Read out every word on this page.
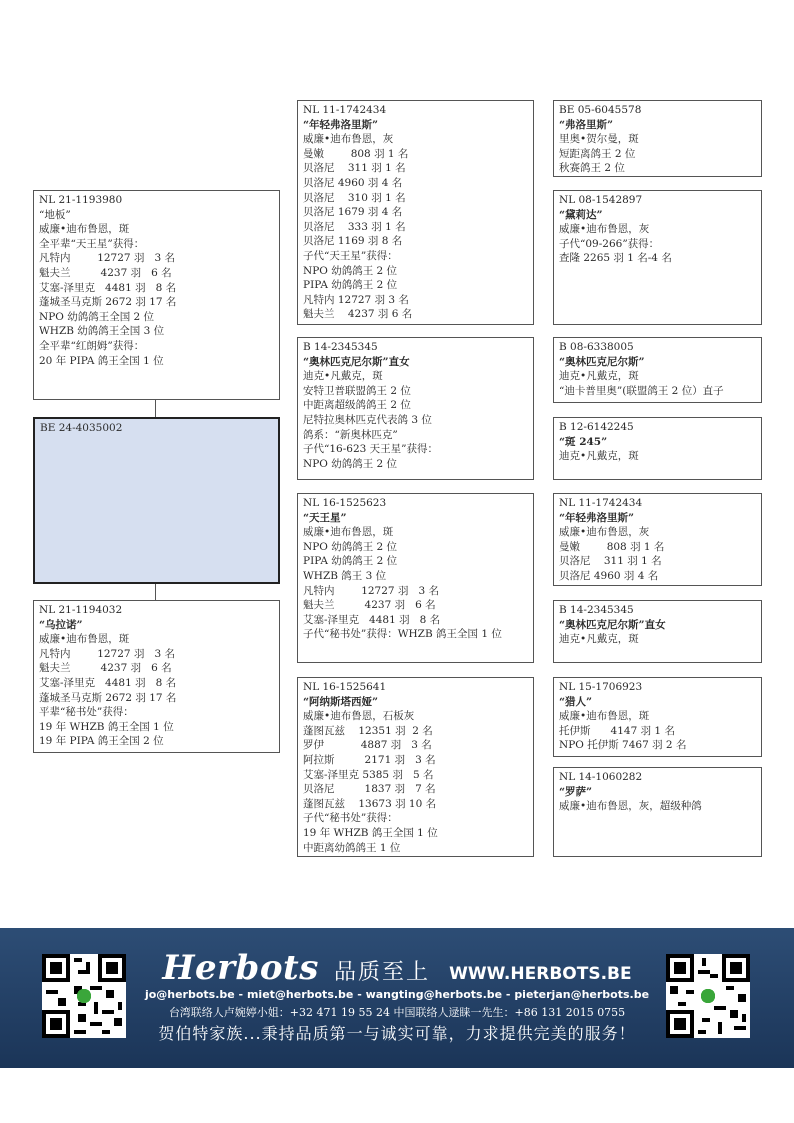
NL 21-1193980
“地板”
威廉•迪布鲁恩，斑
全平辈“天王星”获得：
凡特内        12727 羽   3 名
魁夫兰         4237 羽   6 名
艾塞-泽里克   4481 羽   8 名
蓬城圣马克斯 2672 羽 17 名
NPO 幼鸽鸽王全国 2 位
WHZB 幼鸽鸽王全国 3 位
全平辈“红朗姆”获得：
20 年 PIPA 鸽王全国 1 位
BE 24-4035002
NL 21-1194032
“乌拉诺”
威廉•迪布鲁恩，斑
凡特内        12727 羽   3 名
魁夫兰         4237 羽   6 名
艾塞-泽里克   4481 羽   8 名
蓬城圣马克斯 2672 羽 17 名
平辈“秘书处”获得：
19 年 WHZB 鸽王全国 1 位
19 年 PIPA 鸽王全国 2 位
NL 11-1742434
“年轻弗洛里斯”
威廉•迪布鲁恩，灰
曼嫩        808 羽 1 名
贝洛尼    311 羽 1 名
贝洛尼 4960 羽 4 名
贝洛尼    310 羽 1 名
贝洛尼 1679 羽 4 名
贝洛尼    333 羽 1 名
贝洛尼 1169 羽 8 名
子代“天王星”获得：
NPO 幼鸽鸽王 2 位
PIPA 幼鸽鸽王 2 位
凡特内 12727 羽 3 名
魁夫兰    4237 羽 6 名
B 14-2345345
“奥林匹克尼尔斯”直女
迪克•凡戴克，斑
安特卫普联盟鸽王 2 位
中距离超级鸽鸽王 2 位
尼特拉奥林匹克代表鸽 3 位
鸽系：“新奥林匹克”
子代“16-623 天王星”获得：
NPO 幼鸽鸽王 2 位
NL 16-1525623
“天王星”
威廉•迪布鲁恩，斑
NPO 幼鸽鸽王 2 位
PIPA 幼鸽鸽王 2 位
WHZB 鸽王 3 位
凡特内        12727 羽   3 名
魁夫兰         4237 羽   6 名
艾塞-泽里克   4481 羽   8 名
子代“秘书处”获得：WHZB 鸽王全国 1 位
NL 16-1525641
“阿纳斯塔西娅”
威廉•迪布鲁恩，石板灰
蓬图瓦兹    12351 羽  2 名
罗伊           4887 羽   3 名
阿拉斯         2171 羽   3 名
艾塞-泽里克 5385 羽   5 名
贝洛尼         1837 羽   7 名
蓬图瓦兹    13673 羽 10 名
子代“秘书处”获得：
19 年 WHZB 鸽王全国 1 位
中距离幼鸽鸽王 1 位
BE 05-6045578
“弗洛里斯”
里奥•贺尔曼，斑
短距离鸽王 2 位
秋赛鸽王 2 位
NL 08-1542897
“黛莉达”
威廉•迪布鲁恩，灰
子代“09-266”获得：
查隆 2265 羽 1 名-4 名
B 08-6338005
“奥林匹克尼尔斯”
迪克•凡戴克，斑
“迪卡普里奥”(联盟鸽王 2 位）直子
B 12-6142245
“斑 245”
迪克•凡戴克，斑
NL 11-1742434
“年轻弗洛里斯”
威廉•迪布鲁恩，灰
曼嫩        808 羽 1 名
贝洛尼    311 羽 1 名
贝洛尼 4960 羽 4 名
B 14-2345345
“奥林匹克尼尔斯”直女
迪克•凡戴克，斑
NL 15-1706923
“猎人”
威廉•迪布鲁恩，斑
托伊斯      4147 羽 1 名
NPO 托伊斯 7467 羽 2 名
NL 14-1060282
“罗萨”
威廉•迪布鲁恩，灰，超级种鸽
Herbots 品质至上 WWW.HERBOTS.BE
jo@herbots.be - miet@herbots.be - wangting@herbots.be - pieterjan@herbots.be
台湾联络人卢婉婷小姐：+32 471 19 55 24 中国联络人逯睐一先生：+86 131 2015 0755
贺伯特家族...秉持品质第一与诚实可靠，力求提供完美的服务！
